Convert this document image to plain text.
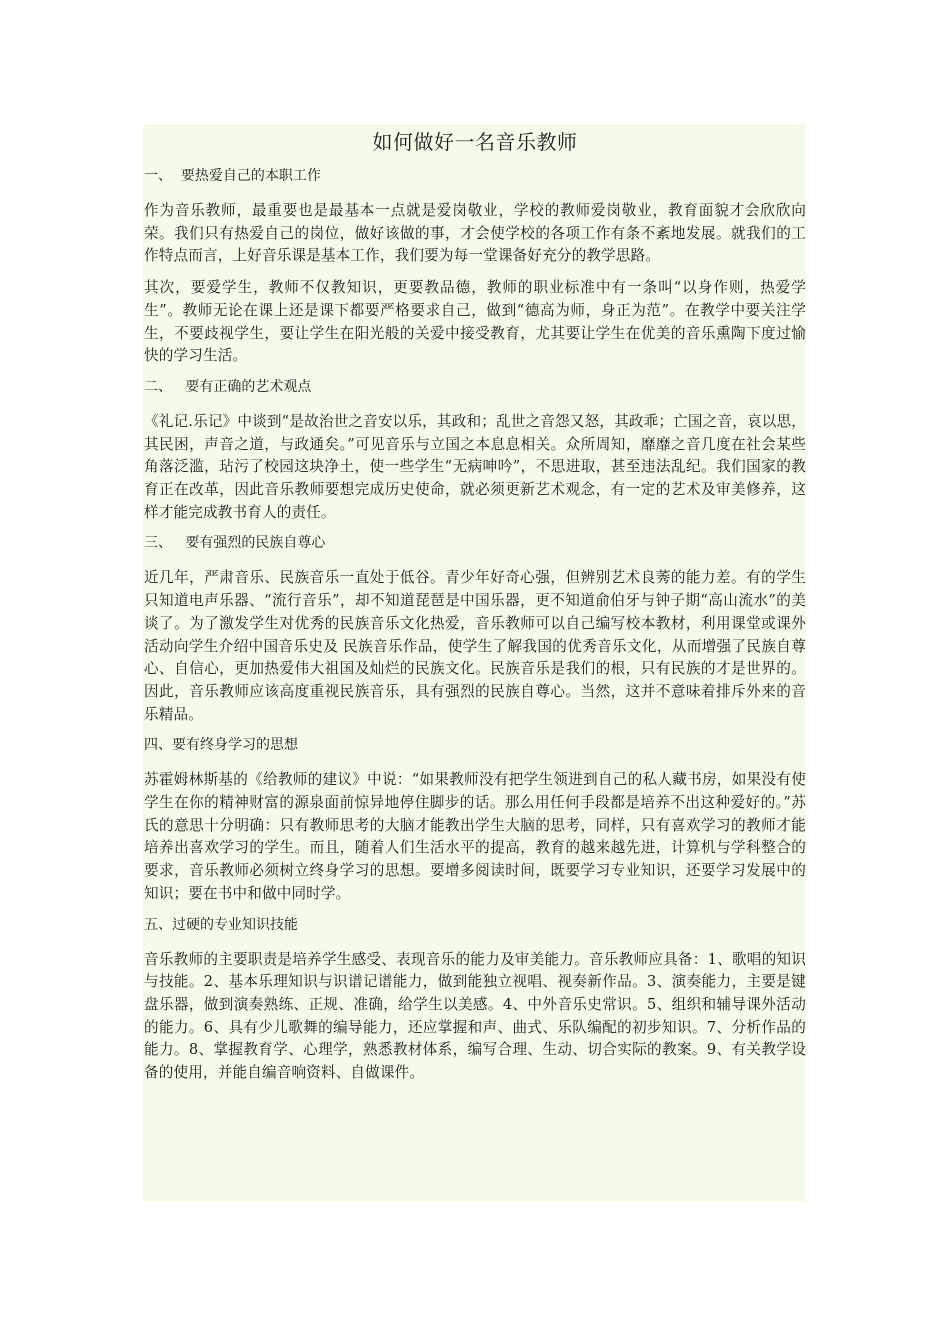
如何做好一名音乐教师

一、  要热爱自己的本职工作

作为音乐教师，最重要也是最基本一点就是爱岗敬业，学校的教师爱岗敬业，教育面貌才会欣欣向荣。我们只有热爱自己的岗位，做好该做的事，才会使学校的各项工作有条不紊地发展。就我们的工作特点而言，上好音乐课是基本工作，我们要为每一堂课备好充分的教学思路。

其次，要爱学生，教师不仅教知识，更要教品德，教师的职业标准中有一条叫“以身作则，热爱学生”。教师无论在课上还是课下都要严格要求自己，做到“德高为师，身正为范”。在教学中要关注学生，不要歧视学生，要让学生在阳光般的关爱中接受教育，尤其要让学生在优美的音乐熏陶下度过愉快的学习生活。

二、   要有正确的艺术观点

《礼记.乐记》中谈到“是故治世之音安以乐，其政和；乱世之音怨又怒，其政乖；亡国之音，哀以思，其民困，声音之道，与政通矣。”可见音乐与立国之本息息相关。众所周知，靡靡之音几度在社会某些角落泛滥，玷污了校园这块净土，使一些学生“无病呻吟”，不思进取，甚至违法乱纪。我们国家的教育正在改革，因此音乐教师要想完成历史使命，就必须更新艺术观念，有一定的艺术及审美修养，这样才能完成教书育人的责任。

三、   要有强烈的民族自尊心

近几年，严肃音乐、民族音乐一直处于低谷。青少年好奇心强，但辨别艺术良莠的能力差。有的学生只知道电声乐器、“流行音乐”，却不知道琵琶是中国乐器，更不知道俞伯牙与钟子期“高山流水”的美谈了。为了激发学生对优秀的民族音乐文化热爱，音乐教师可以自己编写校本教材，利用课堂或课外活动向学生介绍中国音乐史及 民族音乐作品，使学生了解我国的优秀音乐文化，从而增强了民族自尊心、自信心，更加热爱伟大祖国及灿烂的民族文化。民族音乐是我们的根，只有民族的才是世界的。因此，音乐教师应该高度重视民族音乐，具有强烈的民族自尊心。当然，这并不意味着排斥外来的音乐精品。

四、要有终身学习的思想

苏霍姆林斯基的《给教师的建议》中说：“如果教师没有把学生领进到自己的私人藏书房，如果没有使学生在你的精神财富的源泉面前惊异地停住脚步的话。那么用任何手段都是培养不出这种爱好的。”苏氏的意思十分明确：只有教师思考的大脑才能教出学生大脑的思考，同样，只有喜欢学习的教师才能培养出喜欢学习的学生。而且，随着人们生活水平的提高，教育的越来越先进，计算机与学科整合的要求，音乐教师必须树立终身学习的思想。要增多阅读时间，既要学习专业知识，还要学习发展中的知识；要在书中和做中同时学。

五、过硬的专业知识技能

音乐教师的主要职责是培养学生感受、表现音乐的能力及审美能力。音乐教师应具备：1、歌唱的知识与技能。2、基本乐理知识与识谱记谱能力，做到能独立视唱、视奏新作品。3、演奏能力，主要是键盘乐器，做到演奏熟练、正规、准确，给学生以美感。4、中外音乐史常识。5、组织和辅导课外活动的能力。6、具有少儿歌舞的编导能力，还应掌握和声、曲式、乐队编配的初步知识。7、分析作品的能力。8、掌握教育学、心理学，熟悉教材体系，编写合理、生动、切合实际的教案。9、有关教学设备的使用，并能自编音响资料、自做课件。
